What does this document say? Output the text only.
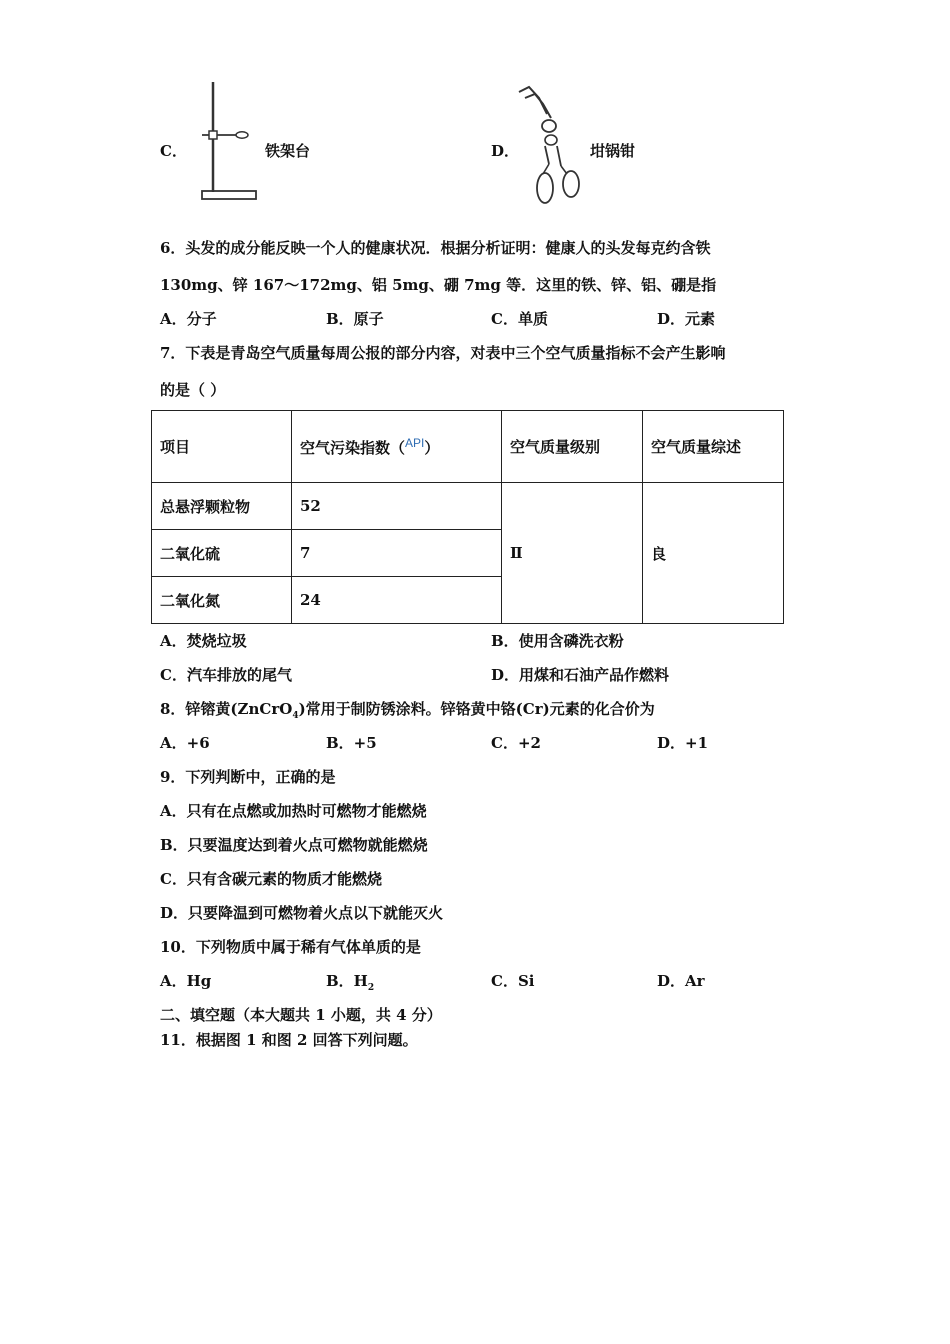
C．	铁架台	D．	坩锅钳
6．头发的成分能反映一个人的健康状况．根据分析证明：健康人的头发每克约含铁
130mg、锌 167～172mg、铝 5mg、硼 7mg 等．这里的铁、锌、铝、硼是指
A．分子	B．原子	C．单质	D．元素
7．下表是青岛空气质量每周公报的部分内容，对表中三个空气质量指标不会产生影响
的是（ ）
项目	空气污染指数（$^{API}$）	空气质量级别	空气质量综述
总悬浮颗粒物	52	Ⅱ	良
二氧化硫	7		
二氧化氮	24		
A．焚烧垃圾	B．使用含磷洗衣粉
C．汽车排放的尾气	D．用煤和石油产品作燃料
8．锌镕黄(ZnCrO$_4$)常用于制防锈涂料。锌铬黄中铬(Cr)元素的化合价为
A．+6	B．+5	C．+2	D．+1
9．下列判断中，正确的是
A．只有在点燃或加热时可燃物才能燃烧
B．只要温度达到着火点可燃物就能燃烧
C．只有含碳元素的物质才能燃烧
D．只要降温到可燃物着火点以下就能灭火
10．下列物质中属于稀有气体单质的是
A．Hg	B．$H_2$	C．Si	D．Ar
二、填空题（本大题共 1 小题，共 4 分）
11．根据图 1 和图 2 回答下列问题。
